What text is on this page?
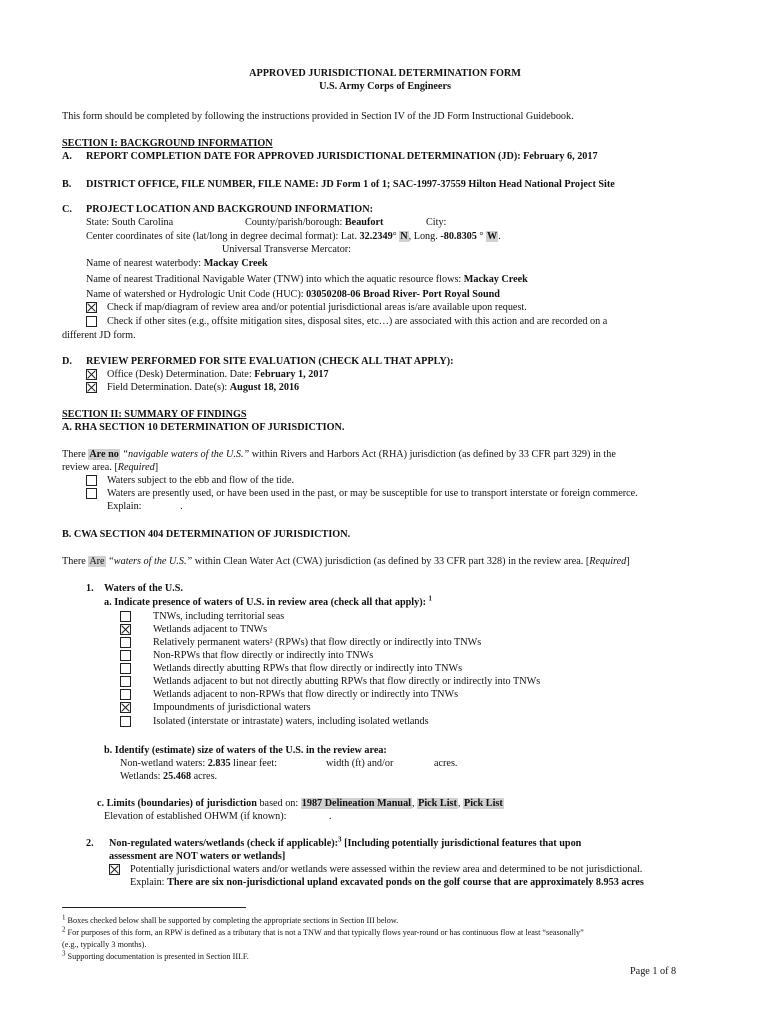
APPROVED JURISDICTIONAL DETERMINATION FORM
U.S. Army Corps of Engineers
This form should be completed by following the instructions provided in Section IV of the JD Form Instructional Guidebook.
SECTION I: BACKGROUND INFORMATION
A. REPORT COMPLETION DATE FOR APPROVED JURISDICTIONAL DETERMINATION (JD): February 6, 2017
B. DISTRICT OFFICE, FILE NUMBER, FILE NAME: JD Form 1 of 1; SAC-1997-37559 Hilton Head National Project Site
C. PROJECT LOCATION AND BACKGROUND INFORMATION:
State: South Carolina	County/parish/borough: Beaufort	City:
Center coordinates of site (lat/long in degree decimal format): Lat. 32.2349° N, Long. -80.8305 ° W.
Universal Transverse Mercator:
Name of nearest waterbody: Mackay Creek
Name of nearest Traditional Navigable Water (TNW) into which the aquatic resource flows: Mackay Creek
Name of watershed or Hydrologic Unit Code (HUC): 03050208-06 Broad River- Port Royal Sound
Check if map/diagram of review area and/or potential jurisdictional areas is/are available upon request.
Check if other sites (e.g., offsite mitigation sites, disposal sites, etc…) are associated with this action and are recorded on a
different JD form.
D. REVIEW PERFORMED FOR SITE EVALUATION (CHECK ALL THAT APPLY):
Office (Desk) Determination. Date: February 1, 2017
Field Determination. Date(s): August 18, 2016
SECTION II: SUMMARY OF FINDINGS
A. RHA SECTION 10 DETERMINATION OF JURISDICTION.
There Are no “navigable waters of the U.S.” within Rivers and Harbors Act (RHA) jurisdiction (as defined by 33 CFR part 329) in the
review area. [Required]
Waters subject to the ebb and flow of the tide.
Waters are presently used, or have been used in the past, or may be susceptible for use to transport interstate or foreign commerce.
Explain:	.
B. CWA SECTION 404 DETERMINATION OF JURISDICTION.
There Are “waters of the U.S.” within Clean Water Act (CWA) jurisdiction (as defined by 33 CFR part 328) in the review area. [Required]
1. Waters of the U.S.
a. Indicate presence of waters of U.S. in review area (check all that apply): $^1$
TNWs, including territorial seas
Wetlands adjacent to TNWs
Relatively permanent waters² (RPWs) that flow directly or indirectly into TNWs
Non-RPWs that flow directly or indirectly into TNWs
Wetlands directly abutting RPWs that flow directly or indirectly into TNWs
Wetlands adjacent to but not directly abutting RPWs that flow directly or indirectly into TNWs
Wetlands adjacent to non-RPWs that flow directly or indirectly into TNWs
Impoundments of jurisdictional waters
Isolated (interstate or intrastate) waters, including isolated wetlands
b. Identify (estimate) size of waters of the U.S. in the review area:
Non-wetland waters: 2.835 linear feet:	width (ft) and/or	acres.
Wetlands: 25.468 acres.
c. Limits (boundaries) of jurisdiction based on: 1987 Delineation Manual, Pick List, Pick List
Elevation of established OHWM (if known):	.
2. Non-regulated waters/wetlands (check if applicable):$^3$ [Including potentially jurisdictional features that upon
assessment are NOT waters or wetlands]
Potentially jurisdictional waters and/or wetlands were assessed within the review area and determined to be not jurisdictional.
Explain: There are six non-jurisdictional upland excavated ponds on the golf course that are approximately 8.953 acres
$^1$ Boxes checked below shall be supported by completing the appropriate sections in Section III below.
$^2$ For purposes of this form, an RPW is defined as a tributary that is not a TNW and that typically flows year-round or has continuous flow at least “seasonally”
(e.g., typically 3 months).
$^3$ Supporting documentation is presented in Section III.F.
Page 1 of 8
